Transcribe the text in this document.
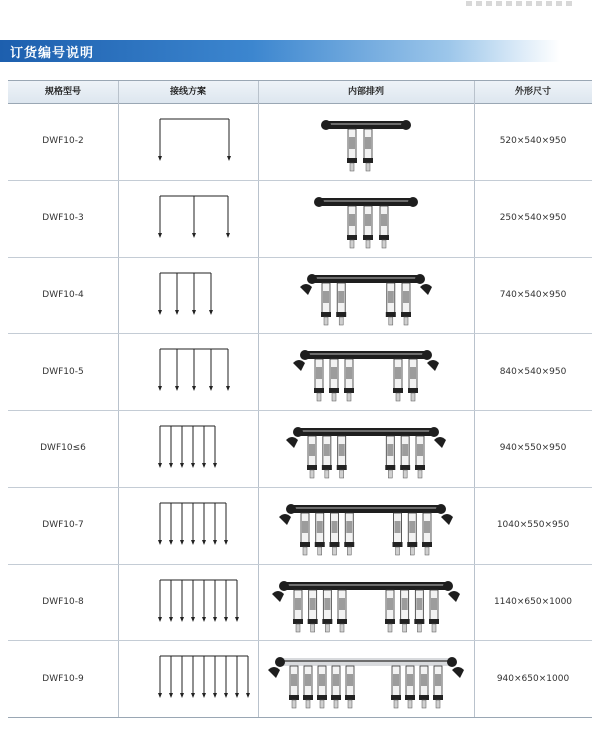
订货编号说明
规格型号	接线方案	内部排列	外形尺寸
DWF10-2	520×540×950
DWF10-3	250×540×950
DWF10-4	740×540×950
DWF10-5	840×540×950
DWF10≤6	940×550×950
DWF10-7	1040×550×950
DWF10-8	1140×650×1000
DWF10-9	940×650×1000
